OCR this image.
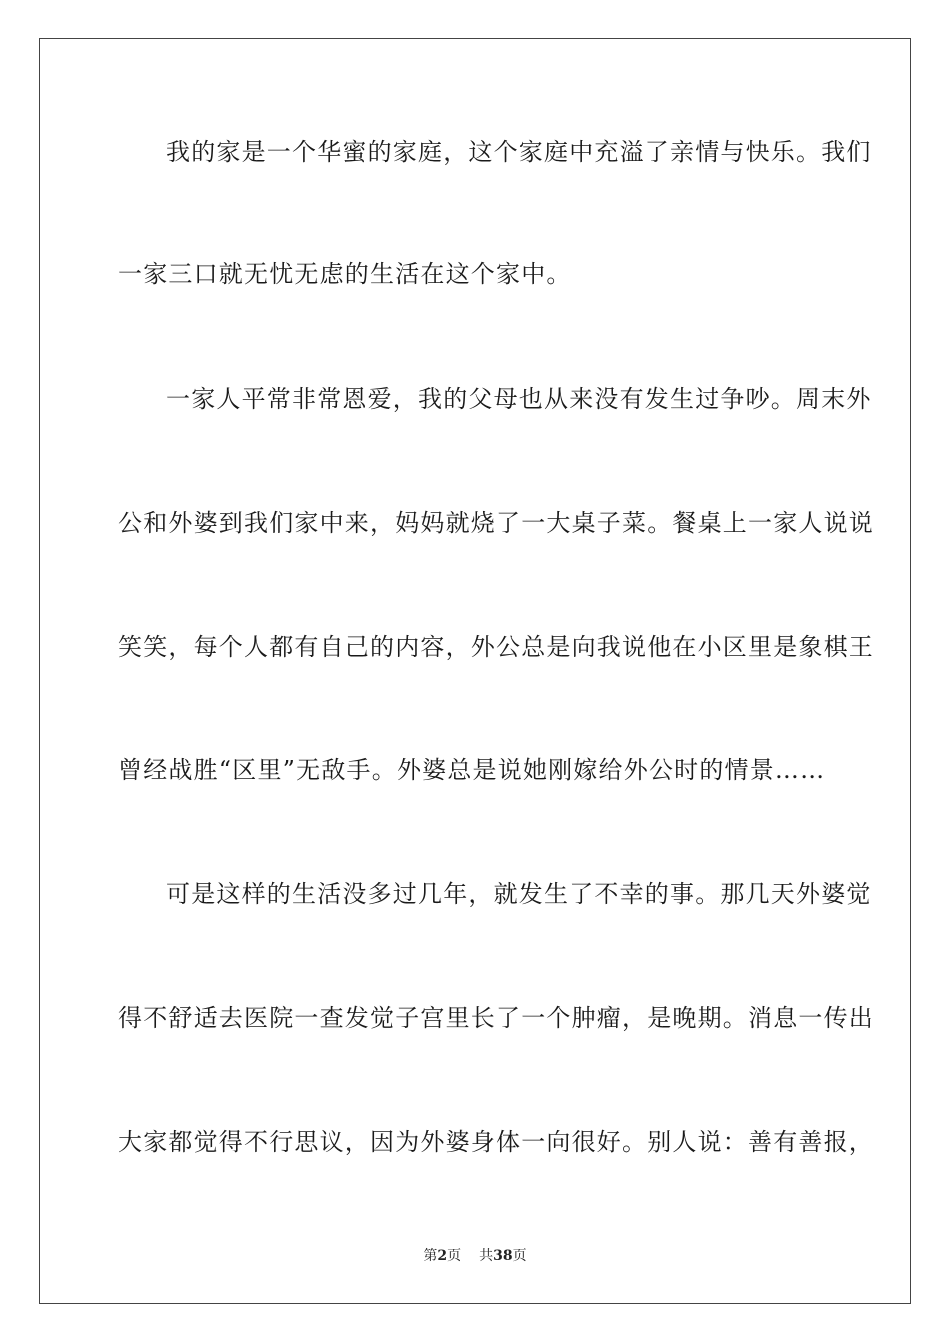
我的家是一个华蜜的家庭，这个家庭中充溢了亲情与快乐。我们
一家三口就无忧无虑的生活在这个家中。
一家人平常非常恩爱，我的父母也从来没有发生过争吵。周末外
公和外婆到我们家中来，妈妈就烧了一大桌子菜。餐桌上一家人说说
笑笑，每个人都有自己的内容，外公总是向我说他在小区里是象棋王
曾经战胜“区里”无敌手。外婆总是说她刚嫁给外公时的情景……
可是这样的生活没多过几年，就发生了不幸的事。那几天外婆觉
得不舒适去医院一查发觉子宫里长了一个肿瘤，是晚期。消息一传出
大家都觉得不行思议，因为外婆身体一向很好。别人说：善有善报，
第2页 共38页
